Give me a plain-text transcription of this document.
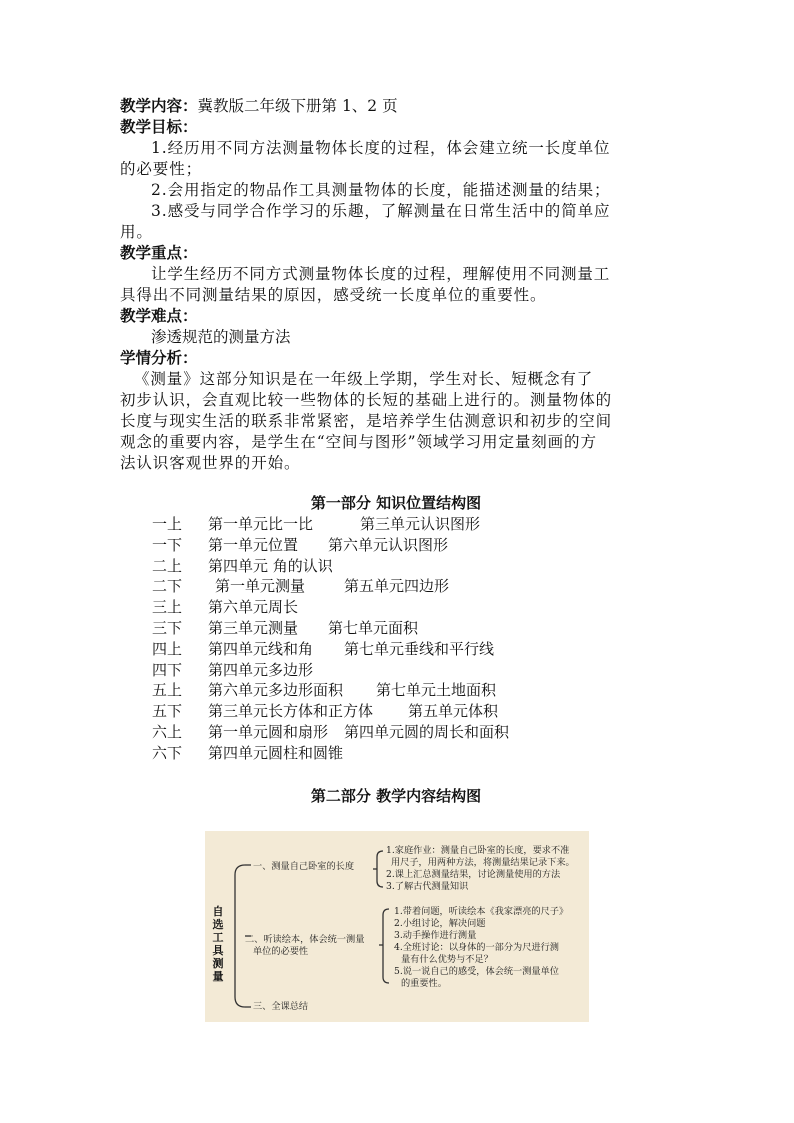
教学内容：冀教版二年级下册第 1、2 页
教学目标：
1.经历用不同方法测量物体长度的过程，体会建立统一长度单位
的必要性；
2.会用指定的物品作工具测量物体的长度，能描述测量的结果；
3.感受与同学合作学习的乐趣，了解测量在日常生活中的简单应
用。
教学重点：
让学生经历不同方式测量物体长度的过程，理解使用不同测量工
具得出不同测量结果的原因，感受统一长度单位的重要性。
教学难点：
渗透规范的测量方法
学情分析：
《测量》这部分知识是在一年级上学期，学生对长、短概念有了
初步认识，会直观比较一些物体的长短的基础上进行的。测量物体的
长度与现实生活的联系非常紧密，是培养学生估测意识和初步的空间
观念的重要内容，是学生在“空间与图形”领域学习用定量刻画的方
法认识客观世界的开始。
第一部分 知识位置结构图
一上 第一单元比一比	第三单元认识图形
一下 第一单元位置 第六单元认识图形
二上 第四单元 角的认识
二下 第一单元测量	第五单元四边形
三上 第六单元周长
三下 第三单元测量 第七单元面积
四上 第四单元线和角 第七单元垂线和平行线
四下 第四单元多边形
五上 第六单元多边形面积 第七单元土地面积
五下 第三单元长方体和正方体 第五单元体积
六上 第一单元圆和扇形 第四单元圆的周长和面积
六下 第四单元圆柱和圆锥
第二部分 教学内容结构图
自选工具测量
一、测量自己卧室的长度
1.家庭作业：测量自己卧室的长度，要求不准
用尺子，用两种方法，将测量结果记录下来。
2.课上汇总测量结果，讨论测量使用的方法
3.了解古代测量知识
二、听读绘本，体会统一测量
单位的必要性
1.带着问题，听读绘本《我家漂亮的尺子》
2.小组讨论，解决问题
3.动手操作进行测量
4.全班讨论：以身体的一部分为尺进行测
量有什么优势与不足？
5.说一说自己的感受，体会统一测量单位
的重要性。
三、全课总结
